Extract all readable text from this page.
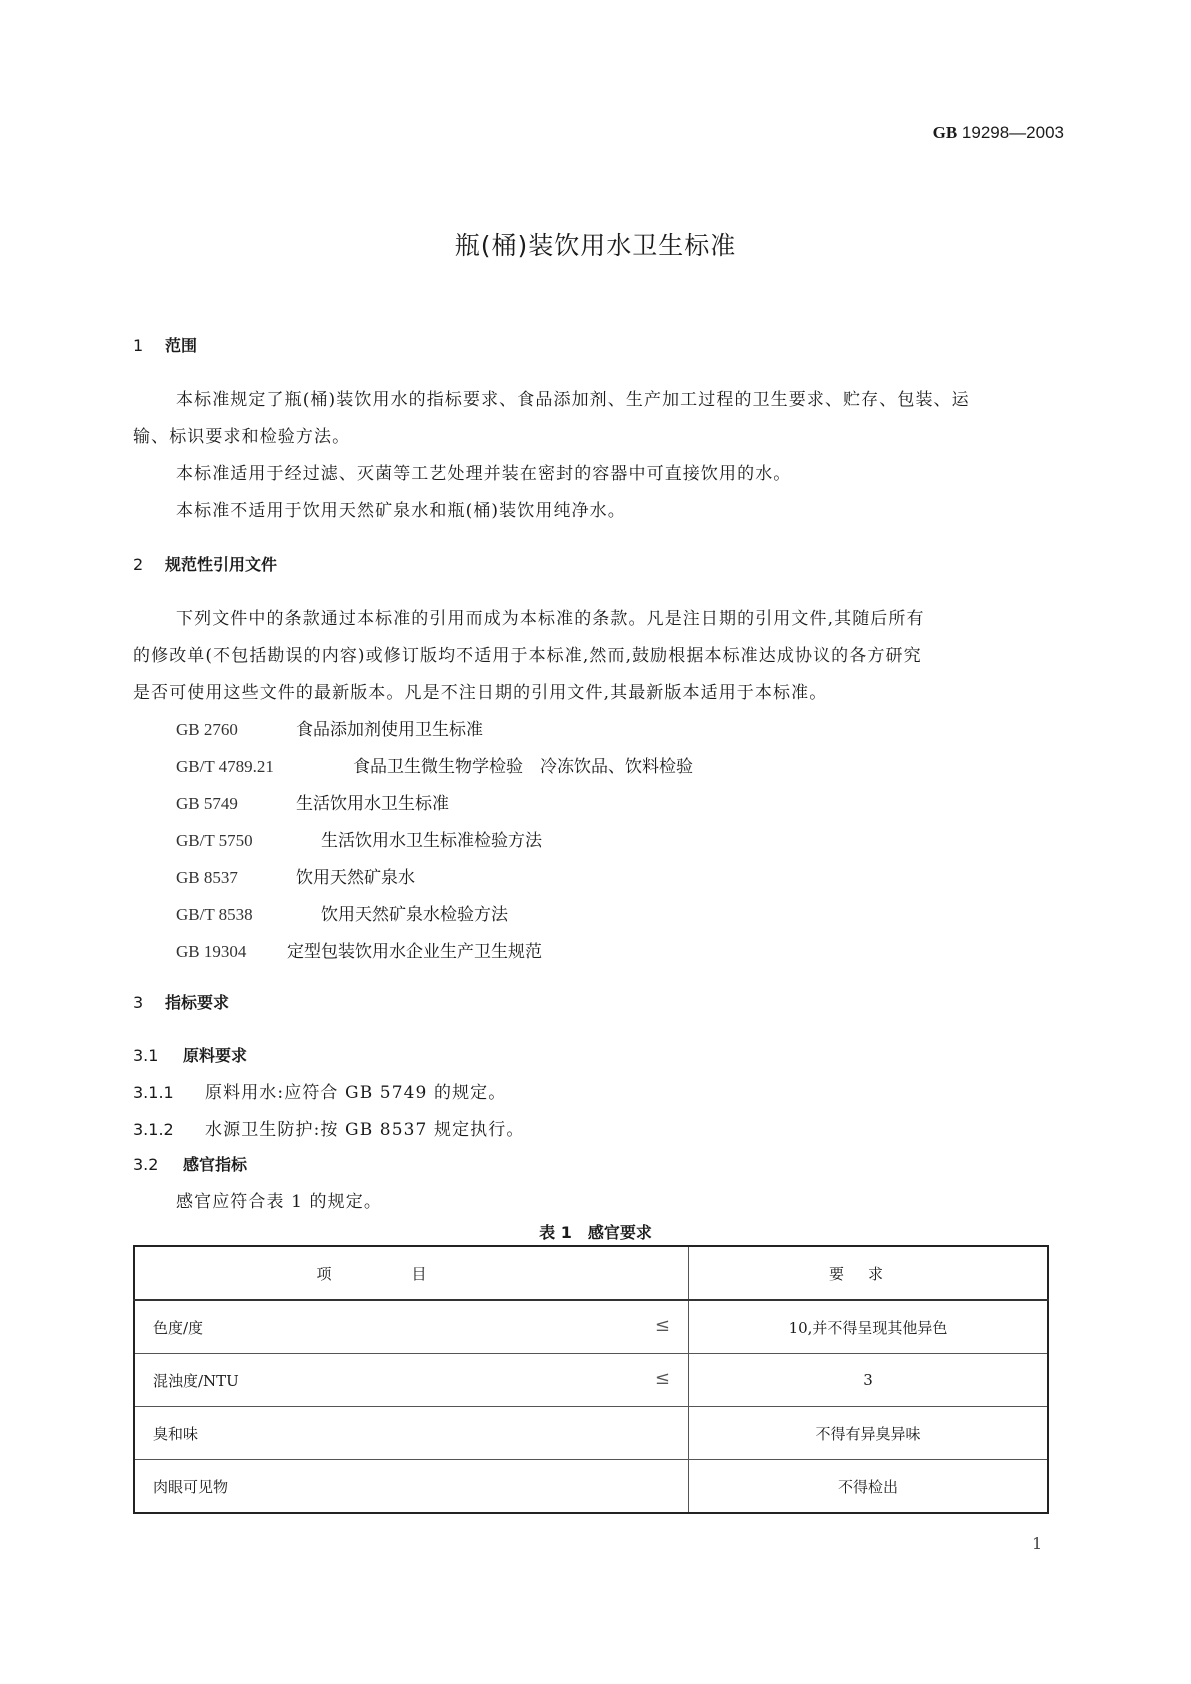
GB 19298—2003
瓶(桶)装饮用水卫生标准
1 范围
本标准规定了瓶(桶)装饮用水的指标要求、食品添加剂、生产加工过程的卫生要求、贮存、包装、运
输、标识要求和检验方法。
本标准适用于经过滤、灭菌等工艺处理并装在密封的容器中可直接饮用的水。
本标准不适用于饮用天然矿泉水和瓶(桶)装饮用纯净水。
2 规范性引用文件
下列文件中的条款通过本标准的引用而成为本标准的条款。凡是注日期的引用文件,其随后所有
的修改单(不包括勘误的内容)或修订版均不适用于本标准,然而,鼓励根据本标准达成协议的各方研究
是否可使用这些文件的最新版本。凡是不注日期的引用文件,其最新版本适用于本标准。
GB 2760	食品添加剂使用卫生标准
GB/T 4789.21	食品卫生微生物学检验　冷冻饮品、饮料检验
GB 5749	生活饮用水卫生标准
GB/T 5750	生活饮用水卫生标准检验方法
GB 8537	饮用天然矿泉水
GB/T 8538	饮用天然矿泉水检验方法
GB 19304 定型包装饮用水企业生产卫生规范
3 指标要求
3.1 原料要求
3.1.1 原料用水:应符合 GB 5749 的规定。
3.1.2 水源卫生防护:按 GB 8537 规定执行。
3.2 感官指标
感官应符合表 1 的规定。
表 1　感官要求
项目	要求
色度/度 ≤	10,并不得呈现其他异色
混浊度/NTU ≤	3
臭和味	不得有异臭异味
肉眼可见物	不得检出
1
